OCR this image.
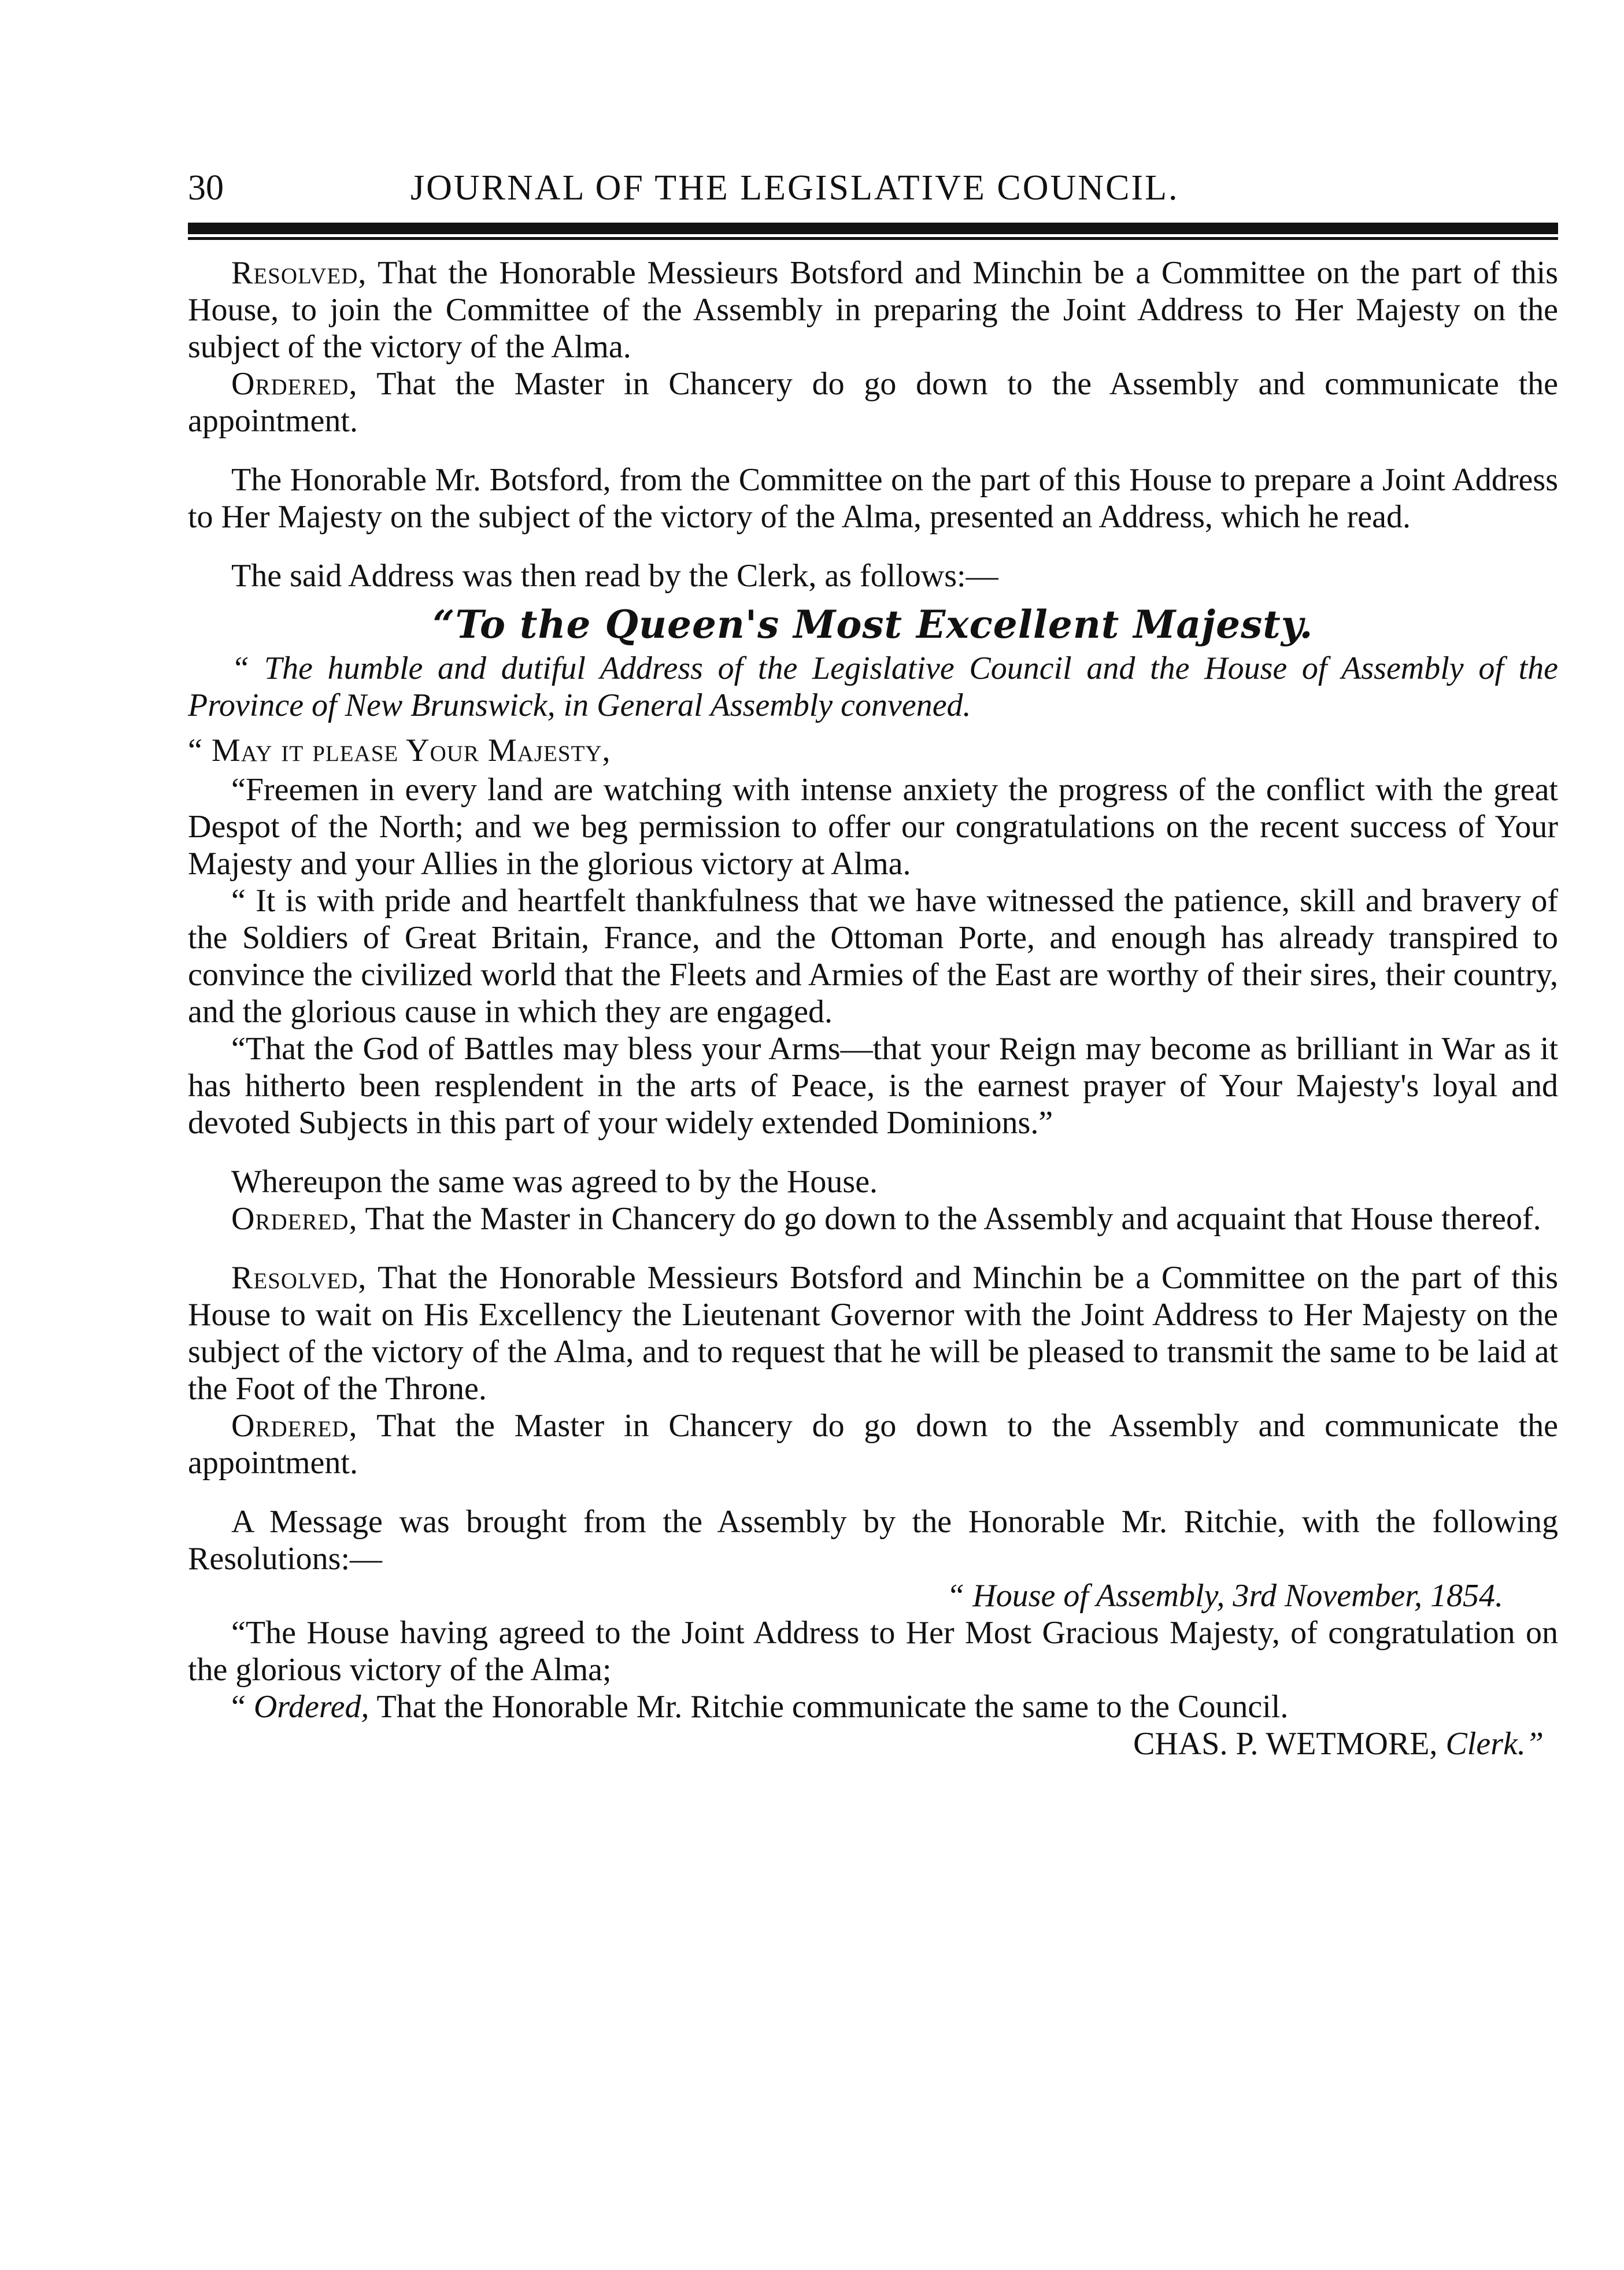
30	JOURNAL OF THE LEGISLATIVE COUNCIL.

Resolved, That the Honorable Messieurs Botsford and Minchin be a Committee on the part of this House, to join the Committee of the Assembly in preparing the Joint Address to Her Majesty on the subject of the victory of the Alma.

Ordered, That the Master in Chancery do go down to the Assembly and communicate the appointment.

The Honorable Mr. Botsford, from the Committee on the part of this House to prepare a Joint Address to Her Majesty on the subject of the victory of the Alma, presented an Address, which he read.

The said Address was then read by the Clerk, as follows:—

“To the Queen's Most Excellent Majesty.

“ The humble and dutiful Address of the Legislative Council and the House of Assembly of the Province of New Brunswick, in General Assembly convened.

“ May it please Your Majesty,

“Freemen in every land are watching with intense anxiety the progress of the conflict with the great Despot of the North; and we beg permission to offer our congratulations on the recent success of Your Majesty and your Allies in the glorious victory at Alma.

“ It is with pride and heartfelt thankfulness that we have witnessed the patience, skill and bravery of the Soldiers of Great Britain, France, and the Ottoman Porte, and enough has already transpired to convince the civilized world that the Fleets and Armies of the East are worthy of their sires, their country, and the glorious cause in which they are engaged.

“That the God of Battles may bless your Arms—that your Reign may become as brilliant in War as it has hitherto been resplendent in the arts of Peace, is the earnest prayer of Your Majesty's loyal and devoted Subjects in this part of your widely extended Dominions.”

Whereupon the same was agreed to by the House.

Ordered, That the Master in Chancery do go down to the Assembly and acquaint that House thereof.

Resolved, That the Honorable Messieurs Botsford and Minchin be a Committee on the part of this House to wait on His Excellency the Lieutenant Governor with the Joint Address to Her Majesty on the subject of the victory of the Alma, and to request that he will be pleased to transmit the same to be laid at the Foot of the Throne.

Ordered, That the Master in Chancery do go down to the Assembly and communicate the appointment.

A Message was brought from the Assembly by the Honorable Mr. Ritchie, with the following Resolutions:—

“ House of Assembly, 3rd November, 1854.

“The House having agreed to the Joint Address to Her Most Gracious Majesty, of congratulation on the glorious victory of the Alma;

“ Ordered, That the Honorable Mr. Ritchie communicate the same to the Council.

CHAS. P. WETMORE, Clerk.”
